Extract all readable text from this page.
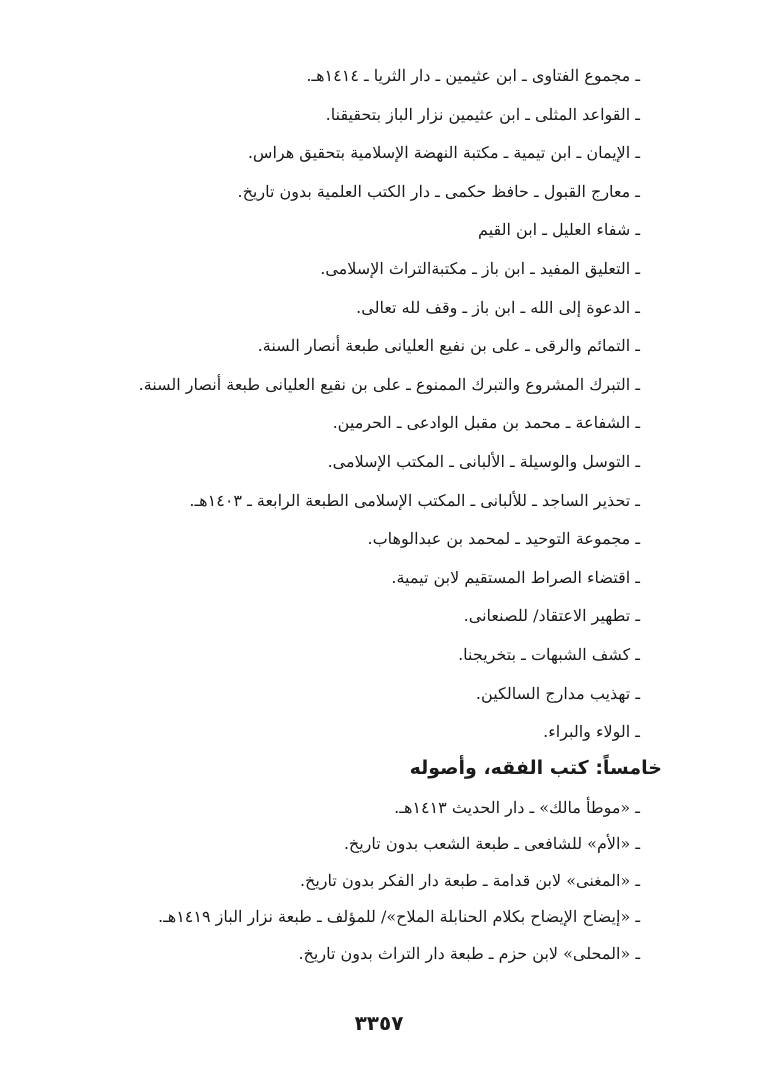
ـ مجموع الفتاوى ـ ابن عثيمين ـ دار الثريا ـ ١٤١٤هـ.
ـ القواعد المثلى ـ ابن عثيمين نزار الباز بتحقيقنا.
ـ الإيمان ـ ابن تيمية ـ مكتبة النهضة الإسلامية بتحقيق هراس.
ـ معارج القبول ـ حافظ حكمى ـ دار الكتب العلمية بدون تاريخ.
ـ شفاء العليل ـ ابن القيم
ـ التعليق المفيد ـ ابن باز ـ مكتبةالتراث الإسلامى.
ـ الدعوة إلى الله ـ ابن باز ـ وقف لله تعالى.
ـ التمائم والرقى ـ على بن نفيع العليانى طبعة أنصار السنة.
ـ التبرك المشروع والتبرك الممنوع ـ على بن نقيع العليانى طبعة أنصار السنة.
ـ الشفاعة ـ محمد بن مقبل الوادعى ـ الحرمين.
ـ التوسل والوسيلة ـ الألبانى ـ المكتب الإسلامى.
ـ تحذير الساجد ـ للألبانى ـ المكتب الإسلامى الطبعة الرابعة ـ ١٤٠٣هـ.
ـ مجموعة التوحيد ـ لمحمد بن عبدالوهاب.
ـ اقتضاء الصراط المستقيم لابن تيمية.
ـ تطهير الاعتقاد/ للصنعانى.
ـ كشف الشبهات ـ بتخريجنا.
ـ تهذيب مدارج السالكين.
ـ الولاء والبراء.
خامساً: كتب الفقه، وأصوله
ـ «موطأ مالك» ـ دار الحديث ١٤١٣هـ.
ـ «الأم» للشافعى ـ طبعة الشعب بدون تاريخ.
ـ «المغنى» لابن قدامة ـ طبعة دار الفكر بدون تاريخ.
ـ «إيضاح الإيضاح بكلام الحنابلة الملاح»/ للمؤلف ـ طبعة نزار الباز ١٤١٩هـ.
ـ «المحلى» لابن حزم ـ طبعة دار التراث بدون تاريخ.
٣٣٥٧
